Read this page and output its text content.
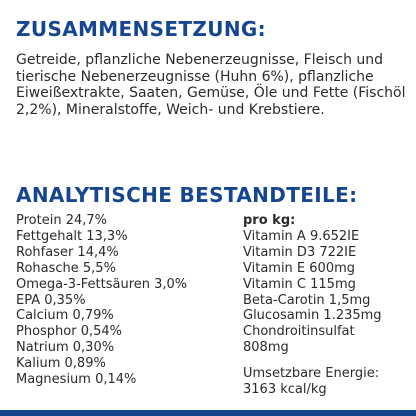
ZUSAMMENSETZUNG:

Getreide, pflanzliche Nebenerzeugnisse, Fleisch und tierische Nebenerzeugnisse (Huhn 6%), pflanzliche Eiweißextrakte, Saaten, Gemüse, Öle und Fette (Fischöl 2,2%), Mineralstoffe, Weich- und Krebstiere.

ANALYTISCHE BESTANDTEILE:
Protein 24,7%
Fettgehalt 13,3%
Rohfaser 14,4%
Rohasche 5,5%
Omega-3-Fettsäuren 3,0%
EPA 0,35%
Calcium 0,79%
Phosphor 0,54%
Natrium 0,30%
Kalium 0,89%
Magnesium 0,14%
pro kg:
Vitamin A 9.652IE
Vitamin D3 722IE
Vitamin E 600mg
Vitamin C 115mg
Beta-Carotin 1,5mg
Glucosamin 1.235mg
Chondroitinsulfat
808mg

Umsetzbare Energie:
3163 kcal/kg
